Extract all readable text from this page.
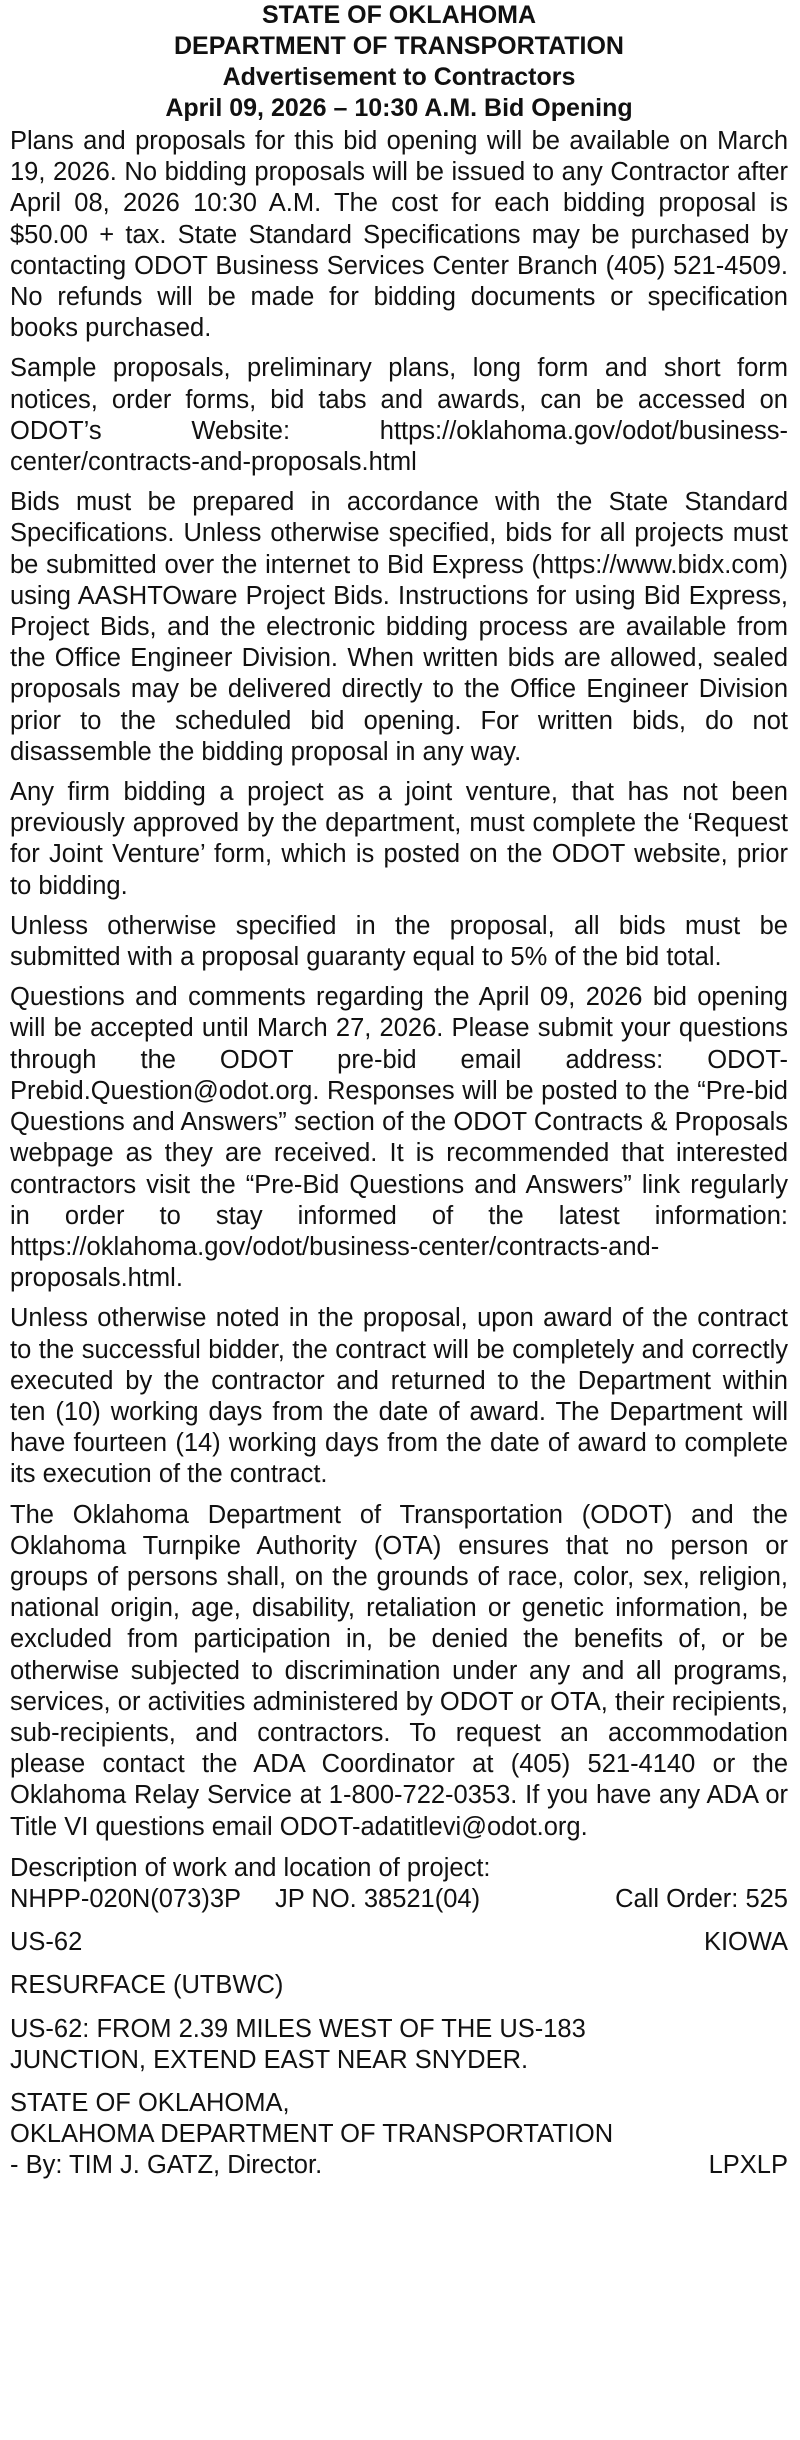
STATE OF OKLAHOMA
DEPARTMENT OF TRANSPORTATION
Advertisement to Contractors
April 09, 2026 – 10:30 A.M. Bid Opening
Plans and proposals for this bid opening will be available on March 19, 2026. No bidding proposals will be issued to any Contractor after April 08, 2026 10:30 A.M. The cost for each bidding proposal is $50.00 + tax. State Standard Specifications may be purchased by contacting ODOT Business Services Center Branch (405) 521-4509. No refunds will be made for bidding documents or specification books purchased.
Sample proposals, preliminary plans, long form and short form notices, order forms, bid tabs and awards, can be accessed on ODOT’s Website: https://oklahoma.gov/odot/business-center/contracts-and-proposals.html
Bids must be prepared in accordance with the State Standard Specifications. Unless otherwise specified, bids for all projects must be submitted over the internet to Bid Express (https://www.bidx.com) using AASHTOware Project Bids. Instructions for using Bid Express, Project Bids, and the electronic bidding process are available from the Office Engineer Division. When written bids are allowed, sealed proposals may be delivered directly to the Office Engineer Division prior to the scheduled bid opening. For written bids, do not disassemble the bidding proposal in any way.
Any firm bidding a project as a joint venture, that has not been previously approved by the department, must complete the ‘Request for Joint Venture’ form, which is posted on the ODOT website, prior to bidding.
Unless otherwise specified in the proposal, all bids must be submitted with a proposal guaranty equal to 5% of the bid total.
Questions and comments regarding the April 09, 2026 bid opening will be accepted until March 27, 2026. Please submit your questions through the ODOT pre-bid email address: ODOT-Prebid.Question@odot.org. Responses will be posted to the “Pre-bid Questions and Answers” section of the ODOT Contracts & Proposals webpage as they are received. It is recommended that interested contractors visit the “Pre-Bid Questions and Answers” link regularly in order to stay informed of the latest information: https://oklahoma.gov/odot/business-center/contracts-and-proposals.html.
Unless otherwise noted in the proposal, upon award of the contract to the successful bidder, the contract will be completely and correctly executed by the contractor and returned to the Department within ten (10) working days from the date of award. The Department will have fourteen (14) working days from the date of award to complete its execution of the contract.
The Oklahoma Department of Transportation (ODOT) and the Oklahoma Turnpike Authority (OTA) ensures that no person or groups of persons shall, on the grounds of race, color, sex, religion, national origin, age, disability, retaliation or genetic information, be excluded from participation in, be denied the benefits of, or be otherwise subjected to discrimination under any and all programs, services, or activities administered by ODOT or OTA, their recipients, sub-recipients, and contractors. To request an accommodation please contact the ADA Coordinator at (405) 521-4140 or the Oklahoma Relay Service at 1-800-722-0353. If you have any ADA or Title VI questions email ODOT-adatitlevi@odot.org.
Description of work and location of project:
NHPP-020N(073)3P JP NO. 38521(04)	Call Order: 525
US-62	KIOWA
RESURFACE (UTBWC)
US-62: FROM 2.39 MILES WEST OF THE US-183
JUNCTION, EXTEND EAST NEAR SNYDER.
STATE OF OKLAHOMA,
OKLAHOMA DEPARTMENT OF TRANSPORTATION
- By: TIM J. GATZ, Director.	LPXLP
